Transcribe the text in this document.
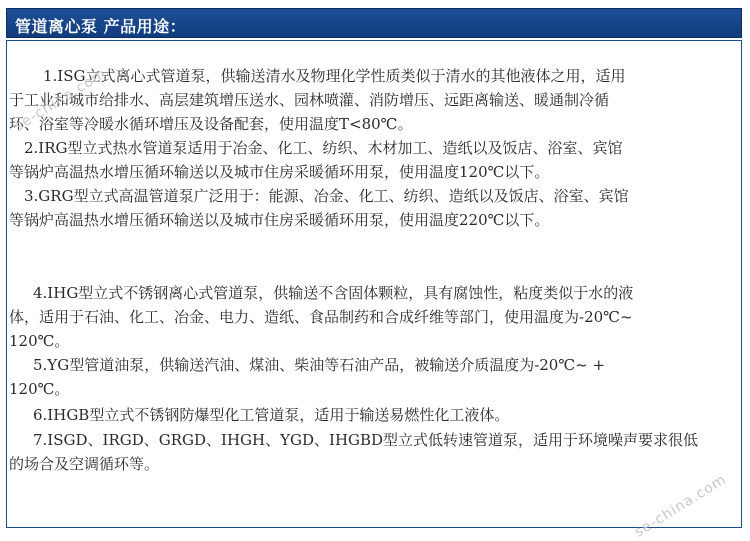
管道离心泵 产品用途：
1.ISG立式离心式管道泵，供输送清水及物理化学性质类似于清水的其他液体之用，适用
于工业和城市给排水、高层建筑增压送水、园林喷灌、消防增压、远距离输送、暖通制冷循
环、浴室等冷暖水循环增压及设备配套，使用温度T<80℃。
2.IRG型立式热水管道泵适用于冶金、化工、纺织、木材加工、造纸以及饭店、浴室、宾馆
等锅炉高温热水增压循环输送以及城市住房采暖循环用泵，使用温度120℃以下。
3.GRG型立式高温管道泵广泛用于：能源、冶金、化工、纺织、造纸以及饭店、浴室、宾馆
等锅炉高温热水增压循环输送以及城市住房采暖循环用泵，使用温度220℃以下。
4.IHG型立式不锈钢离心式管道泵，供输送不含固体颗粒，具有腐蚀性，粘度类似于水的液
体，适用于石油、化工、冶金、电力、造纸、食品制药和合成纤维等部门，使用温度为-20℃~
120℃。
5.YG型管道油泵，供输送汽油、煤油、柴油等石油产品，被输送介质温度为-20℃~ +
120℃。
6.IHGB型立式不锈钢防爆型化工管道泵，适用于输送易燃性化工液体。
7.ISGD、IRGD、GRGD、IHGH、YGD、IHGBD型立式低转速管道泵，适用于环境噪声要求很低
的场合及空调循环等。
se-china.com
se-china.com
